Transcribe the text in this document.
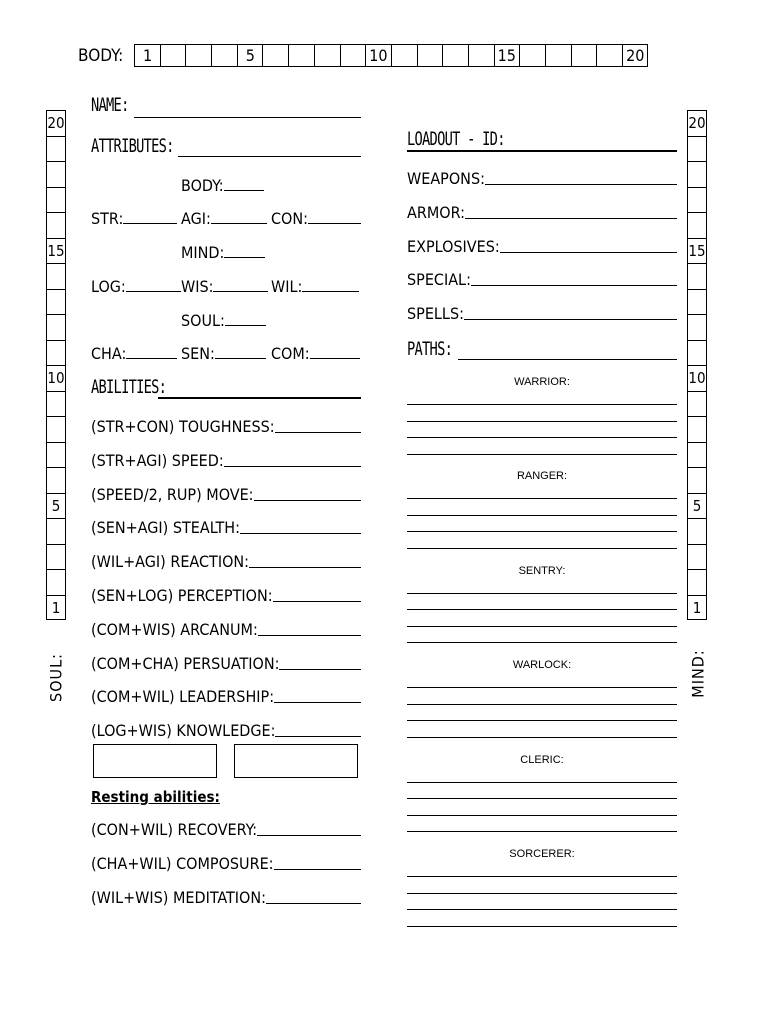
BODY:	1	5	10	15	20
20
15
10
5
1
SOUL:
20
15
10
5
1
MIND:
NAME:
ATTRIBUTES:
BODY:
STR:	AGI:	CON:
MIND:
LOG:	WIS:	WIL:
SOUL:
CHA:	SEN:	COM:
ABILITIES:
(STR+CON) TOUGHNESS:
(STR+AGI) SPEED:
(SPEED/2, RUP) MOVE:
(SEN+AGI) STEALTH:
(WIL+AGI) REACTION:
(SEN+LOG) PERCEPTION:
(COM+WIS) ARCANUM:
(COM+CHA) PERSUATION:
(COM+WIL) LEADERSHIP:
(LOG+WIS) KNOWLEDGE:
Resting abilities:
(CON+WIL) RECOVERY:
(CHA+WIL) COMPOSURE:
(WIL+WIS) MEDITATION:
LOADOUT - ID:
WEAPONS:
ARMOR:
EXPLOSIVES:
SPECIAL:
SPELLS:
PATHS:
WARRIOR:
RANGER:
SENTRY:
WARLOCK:
CLERIC:
SORCERER:
